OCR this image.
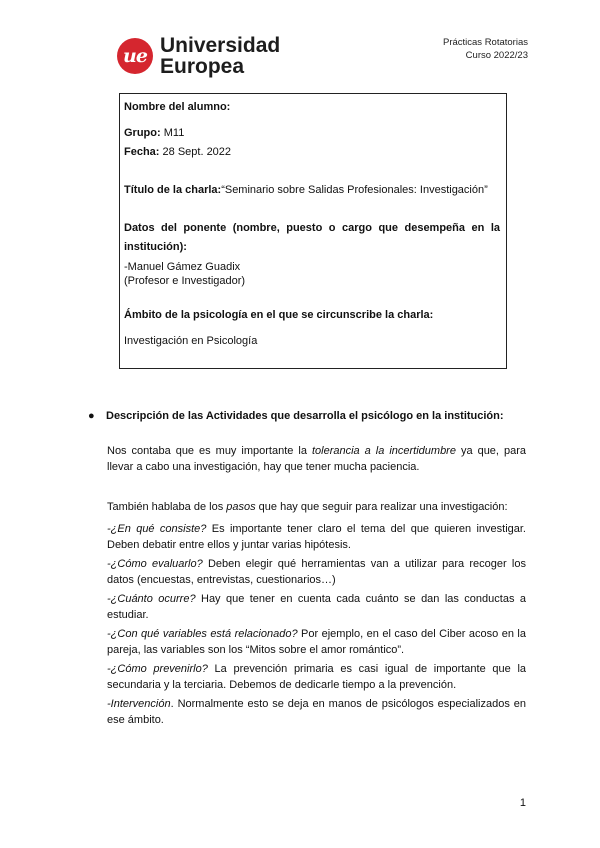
ue Universidad
Europea
Prácticas Rotatorias
Curso 2022/23
Nombre del alumno:
Grupo: M11
Fecha: 28 Sept. 2022
Título de la charla:“Seminario sobre Salidas Profesionales: Investigación”
Datos del ponente (nombre, puesto o cargo que desempeña en la
institución):
-Manuel Gámez Guadix
(Profesor e Investigador)
Ámbito de la psicología en el que se circunscribe la charla:
Investigación en Psicología
●	Descripción de las Actividades que desarrolla el psicólogo en la institución:
Nos contaba que es muy importante la tolerancia a la incertidumbre ya que, para llevar a cabo una investigación, hay que tener mucha paciencia.
También hablaba de los pasos que hay que seguir para realizar una investigación:
-¿En qué consiste? Es importante tener claro el tema del que quieren investigar. Deben debatir entre ellos y juntar varias hipótesis.
-¿Cómo evaluarlo? Deben elegir qué herramientas van a utilizar para recoger los datos (encuestas, entrevistas, cuestionarios…)
-¿Cuánto ocurre? Hay que tener en cuenta cada cuánto se dan las conductas a estudiar.
-¿Con qué variables está relacionado? Por ejemplo, en el caso del Ciber acoso en la pareja, las variables son los “Mitos sobre el amor romántico”.
-¿Cómo prevenirlo? La prevención primaria es casi igual de importante que la secundaria y la terciaria. Debemos de dedicarle tiempo a la prevención.
-Intervención. Normalmente esto se deja en manos de psicólogos especializados en ese ámbito.
1
